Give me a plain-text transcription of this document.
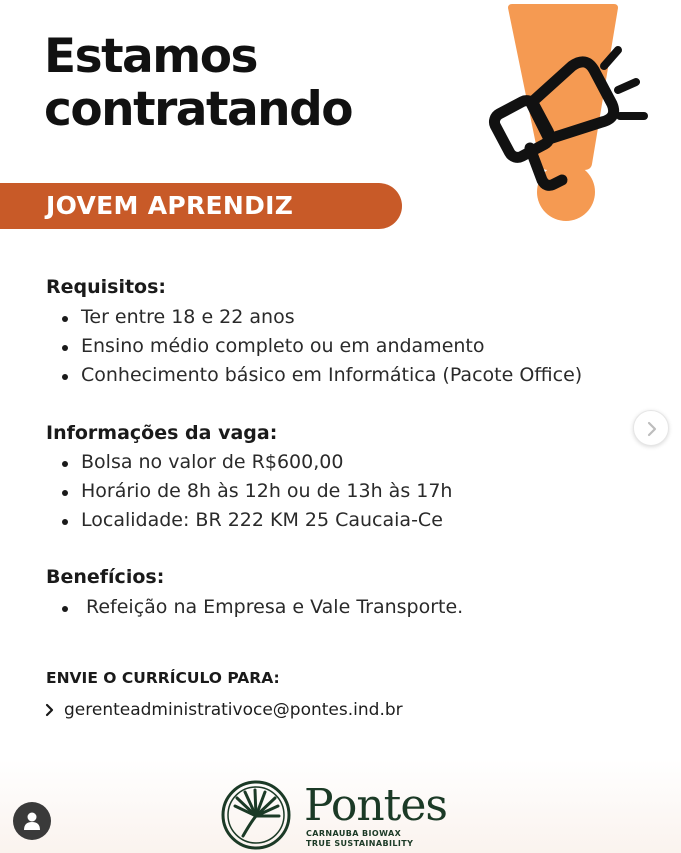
Estamos
contratando
JOVEM APRENDIZ
Requisitos:
Ter entre 18 e 22 anos
Ensino médio completo ou em andamento
Conhecimento básico em Informática (Pacote Office)
Informações da vaga:
Bolsa no valor de R$600,00
Horário de 8h às 12h ou de 13h às 17h
Localidade: BR 222 KM 25 Caucaia-Ce
Benefícios:
Refeição na Empresa e Vale Transporte.
ENVIE O CURRÍCULO PARA:
gerenteadministrativoce@pontes.ind.br
Pontes
CARNAUBA BIOWAX
TRUE SUSTAINABILITY
